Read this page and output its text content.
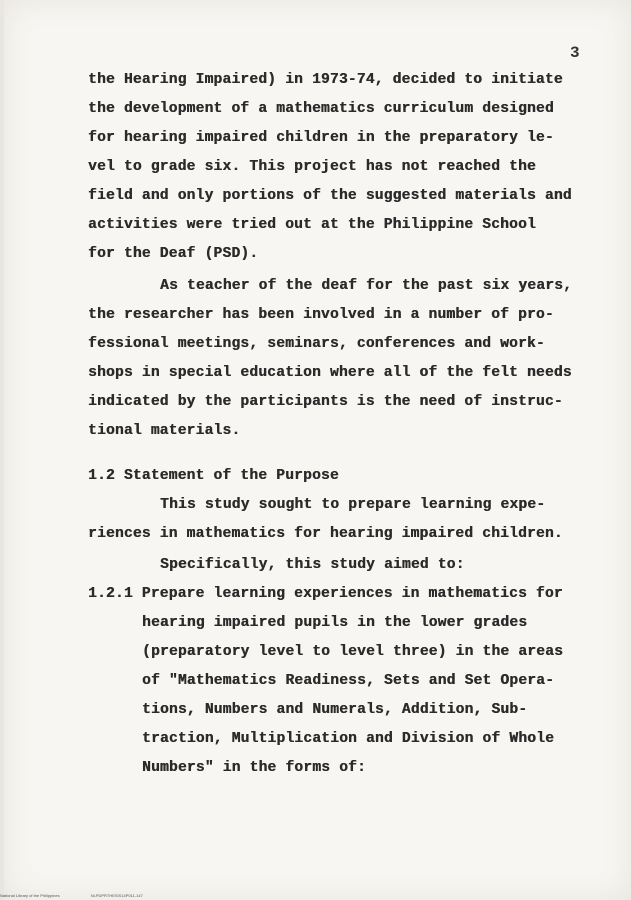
3
the Hearing Impaired) in 1973-74, decided to initiate
the development of a mathematics curriculum designed
for hearing impaired children in the preparatory le-
vel to grade six. This project has not reached the
field and only portions of the suggested materials and
activities were tried out at the Philippine School
for the Deaf (PSD).
As teacher of the deaf for the past six years,
the researcher has been involved in a number of pro-
fessional meetings, seminars, conferences and work-
shops in special education where all of the felt needs
indicated by the participants is the need of instruc-
tional materials.
1.2 Statement of the Purpose
This study sought to prepare learning expe-
riences in mathematics for hearing impaired children.
Specifically, this study aimed to:
1.2.1 Prepare learning experiences in mathematics for
hearing impaired pupils in the lower grades
(preparatory level to level three) in the areas
of "Mathematics Readiness, Sets and Set Opera-
tions, Numbers and Numerals, Addition, Sub-
traction, Multiplication and Division of Whole
Numbers" in the forms of:
National Library of the Philippines	NLPDPRTHESIS14P011-147
